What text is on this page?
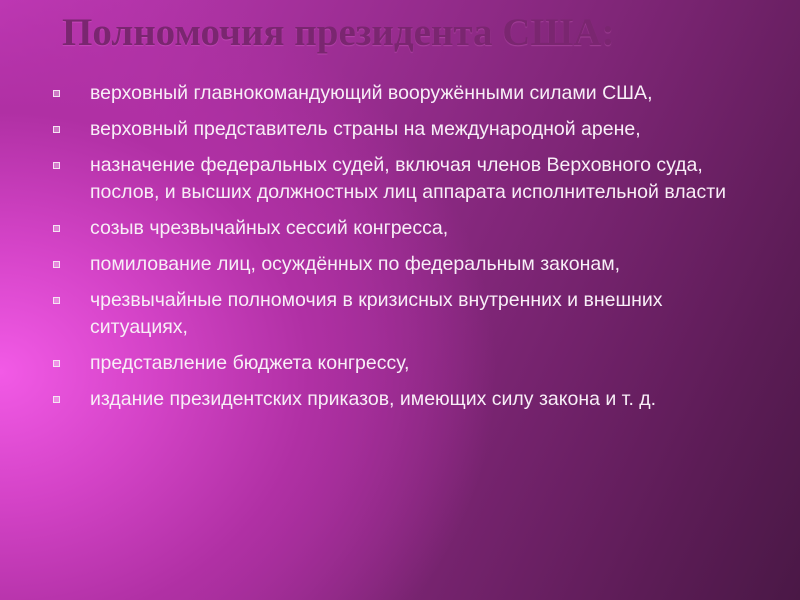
Полномочия президента США:
верховный главнокомандующий вооружёнными силами США,
верховный представитель страны на международной арене,
назначение федеральных судей, включая членов Верховного суда, послов, и высших должностных лиц аппарата исполнительной власти
созыв чрезвычайных сессий конгресса,
помилование лиц, осуждённых по федеральным законам,
чрезвычайные полномочия в кризисных внутренних и внешних ситуациях,
представление бюджета конгрессу,
издание президентских приказов, имеющих силу закона и т. д.
